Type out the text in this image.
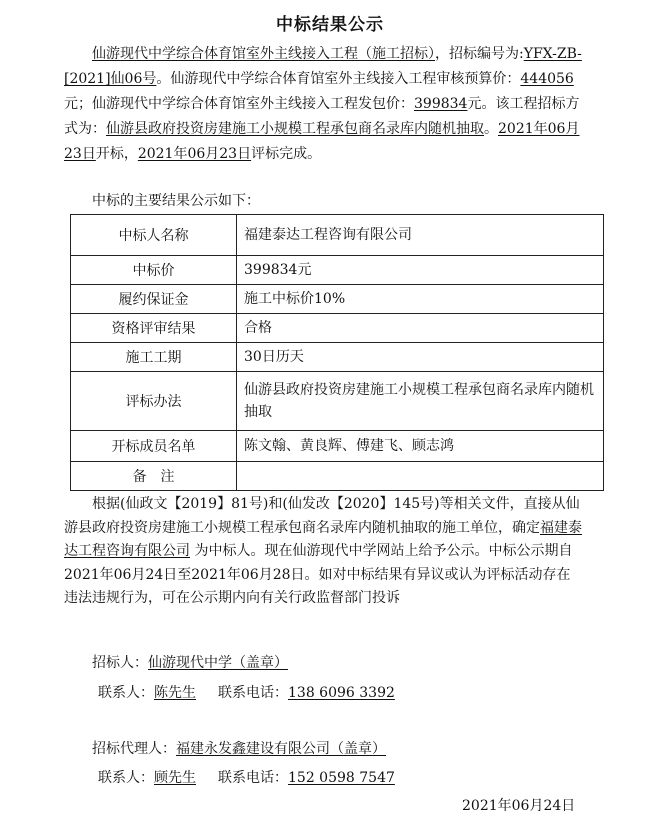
中标结果公示
仙游现代中学综合体育馆室外主线接入工程（施工招标），招标编号为:YFX-ZB-[2021]仙06号。仙游现代中学综合体育馆室外主线接入工程审核预算价：444056元；仙游现代中学综合体育馆室外主线接入工程发包价：399834元。该工程招标方式为：仙游县政府投资房建施工小规模工程承包商名录库内随机抽取。2021年06月23日开标，2021年06月23日评标完成。
中标的主要结果公示如下：
中标人名称	福建泰达工程咨询有限公司
中标价	399834元
履约保证金	施工中标价10%
资格评审结果	合格
施工工期	30日历天
评标办法	仙游县政府投资房建施工小规模工程承包商名录库内随机抽取
开标成员名单	陈文翰、黄良辉、傅建飞、顾志鸿
备　注	
根据(仙政文【2019】81号)和(仙发改【2020】145号)等相关文件，直接从仙游县政府投资房建施工小规模工程承包商名录库内随机抽取的施工单位，确定福建泰达工程咨询有限公司 为中标人。现在仙游现代中学网站上给予公示。中标公示期自2021年06月24日至2021年06月28日。如对中标结果有异议或认为评标活动存在违法违规行为，可在公示期内向有关行政监督部门投诉
招标人：仙游现代中学（盖章）
联系人：陈先生 联系电话：138 6096 3392
招标代理人：福建永发鑫建设有限公司（盖章）
联系人：顾先生 联系电话：152 0598 7547
2021年06月24日
